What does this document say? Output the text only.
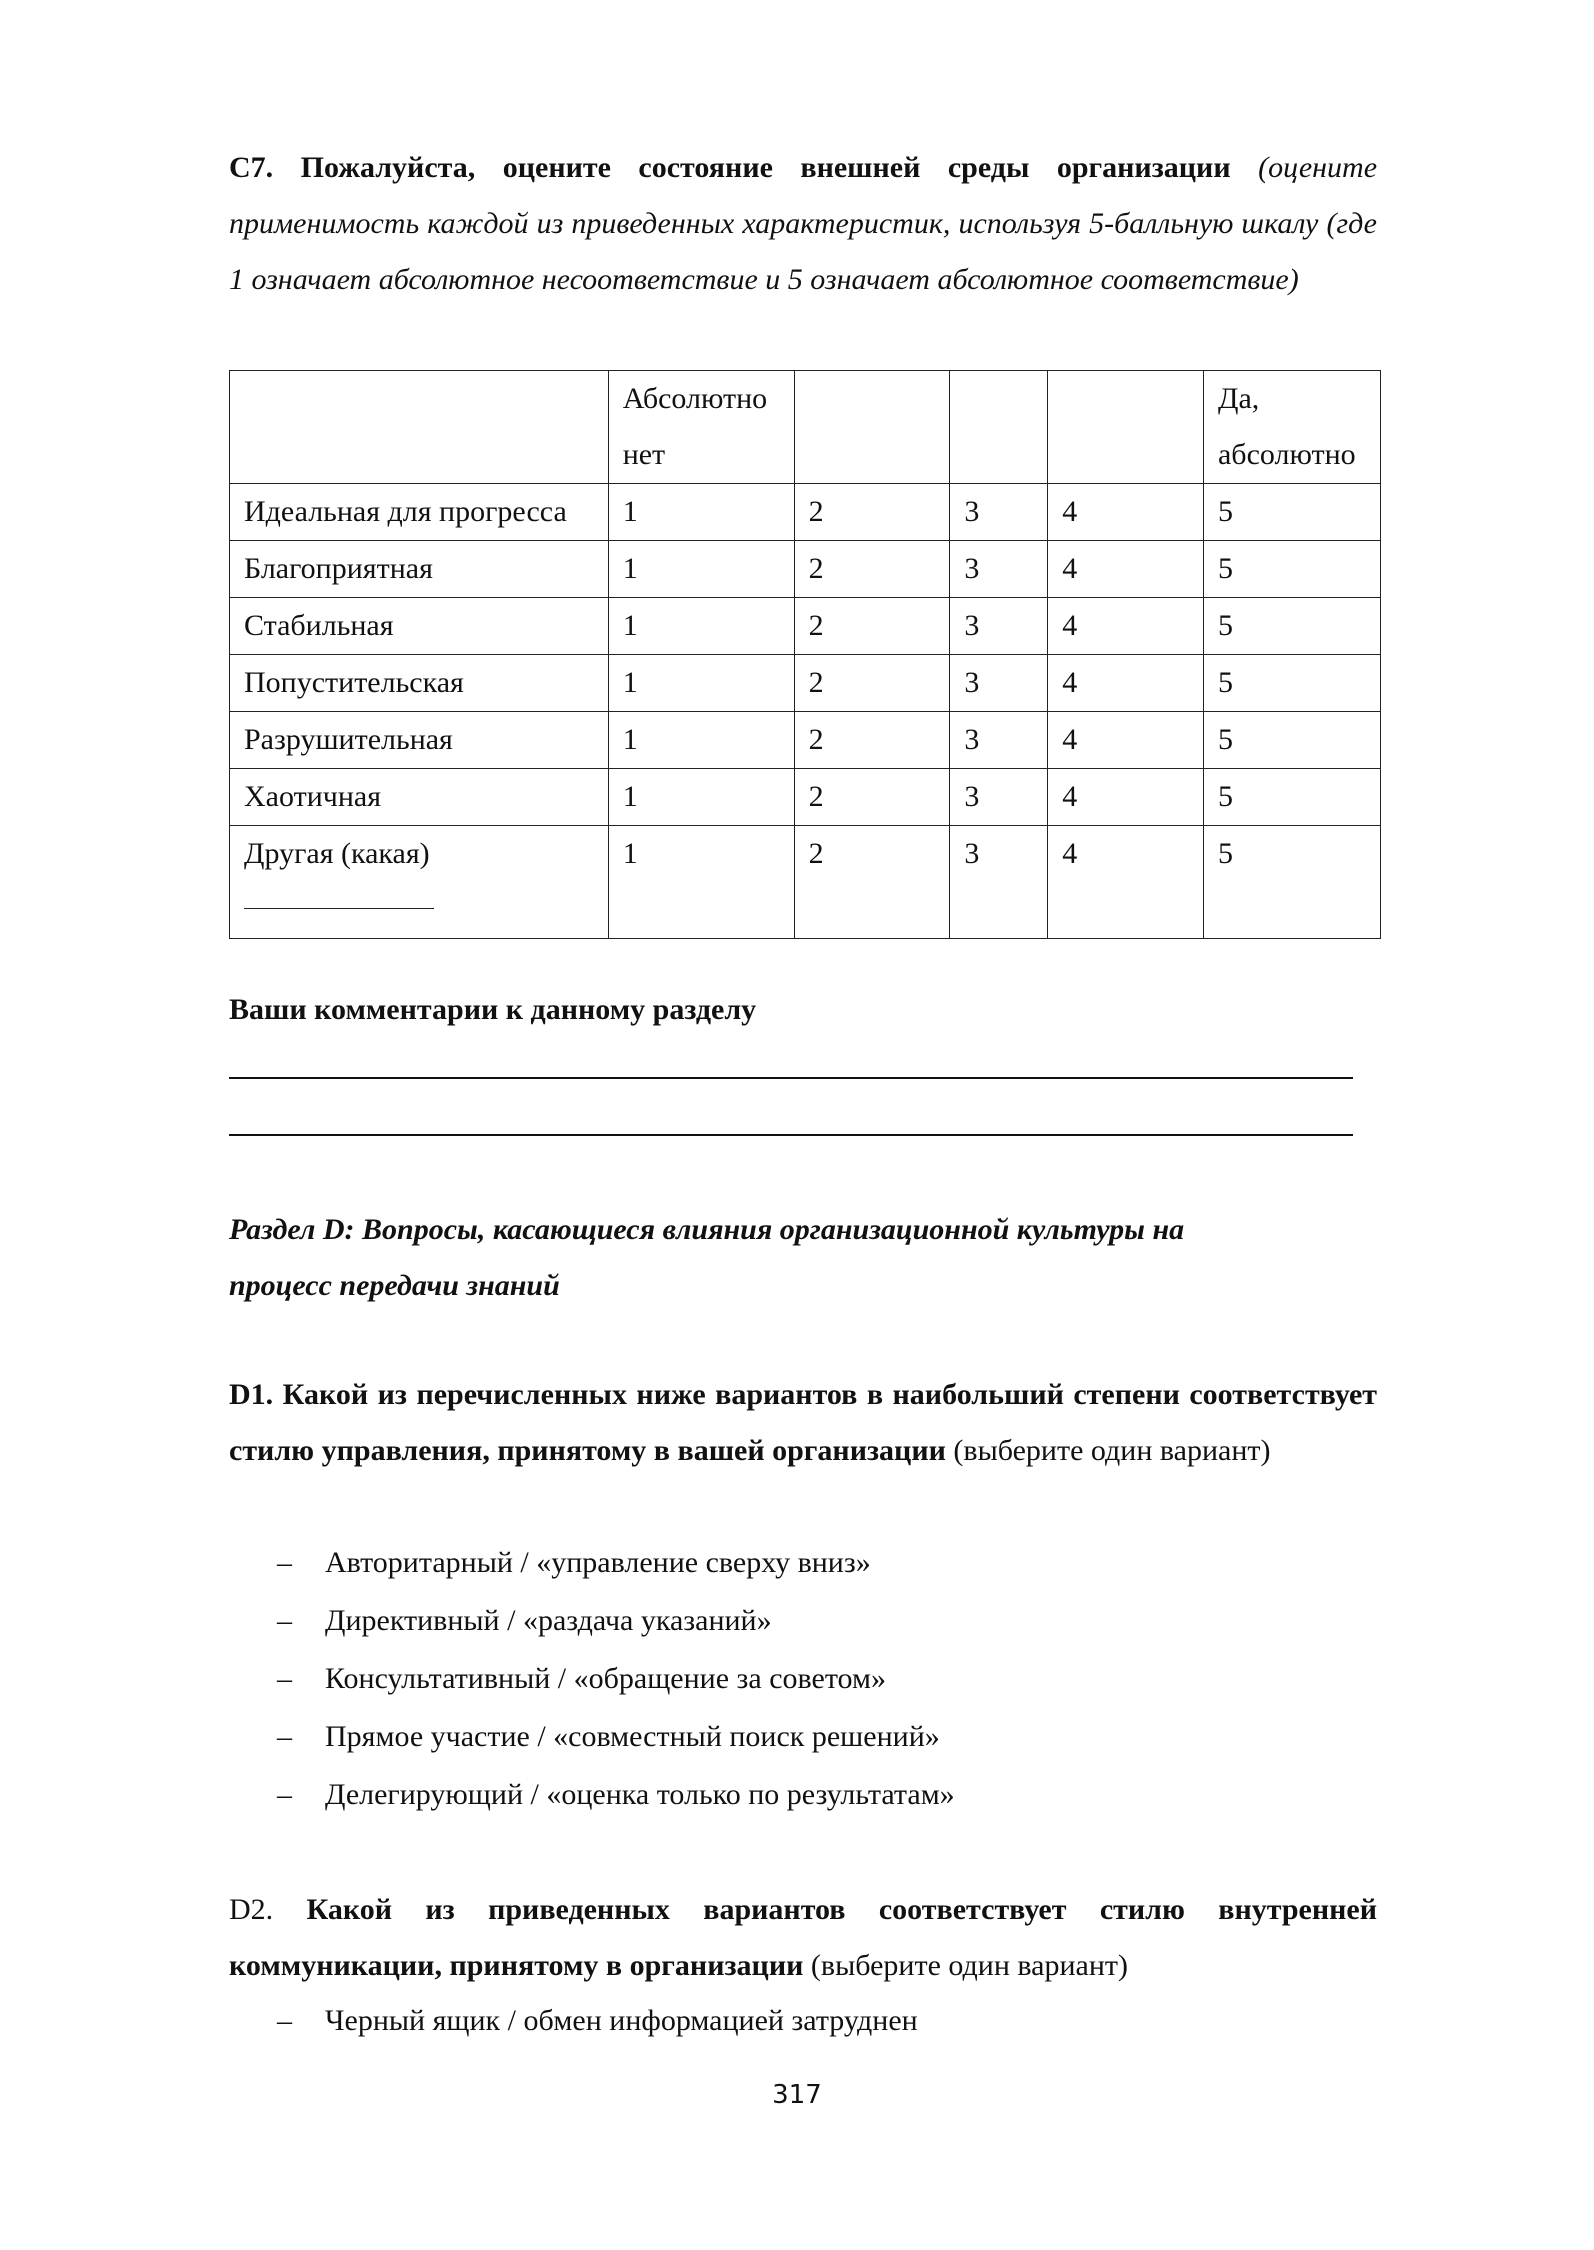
С7. Пожалуйста, оцените состояние внешней среды организации (оцените применимость каждой из приведенных характеристик, используя 5-балльную шкалу (где 1 означает абсолютное несоответствие и 5 означает абсолютное соответствие)

	Абсолютно нет				Да, абсолютно
Идеальная для прогресса	1	2	3	4	5
Благоприятная	1	2	3	4	5
Стабильная	1	2	3	4	5
Попустительская	1	2	3	4	5
Разрушительная	1	2	3	4	5
Хаотичная	1	2	3	4	5
Другая (какая)	1	2	3	4	5

Ваши комментарии к данному разделу

Раздел D: Вопросы, касающиеся влияния организационной культуры на
процесс передачи знаний

D1. Какой из перечисленных ниже вариантов в наибольший степени соответствует стилю управления, принятому в вашей организации (выберите один вариант)

– Авторитарный / «управление сверху вниз»
– Директивный / «раздача указаний»
– Консультативный / «обращение за советом»
– Прямое участие / «совместный поиск решений»
– Делегирующий / «оценка только по результатам»

D2. Какой из приведенных вариантов соответствует стилю внутренней коммуникации, принятому в организации (выберите один вариант)

– Черный ящик / обмен информацией затруднен
317
